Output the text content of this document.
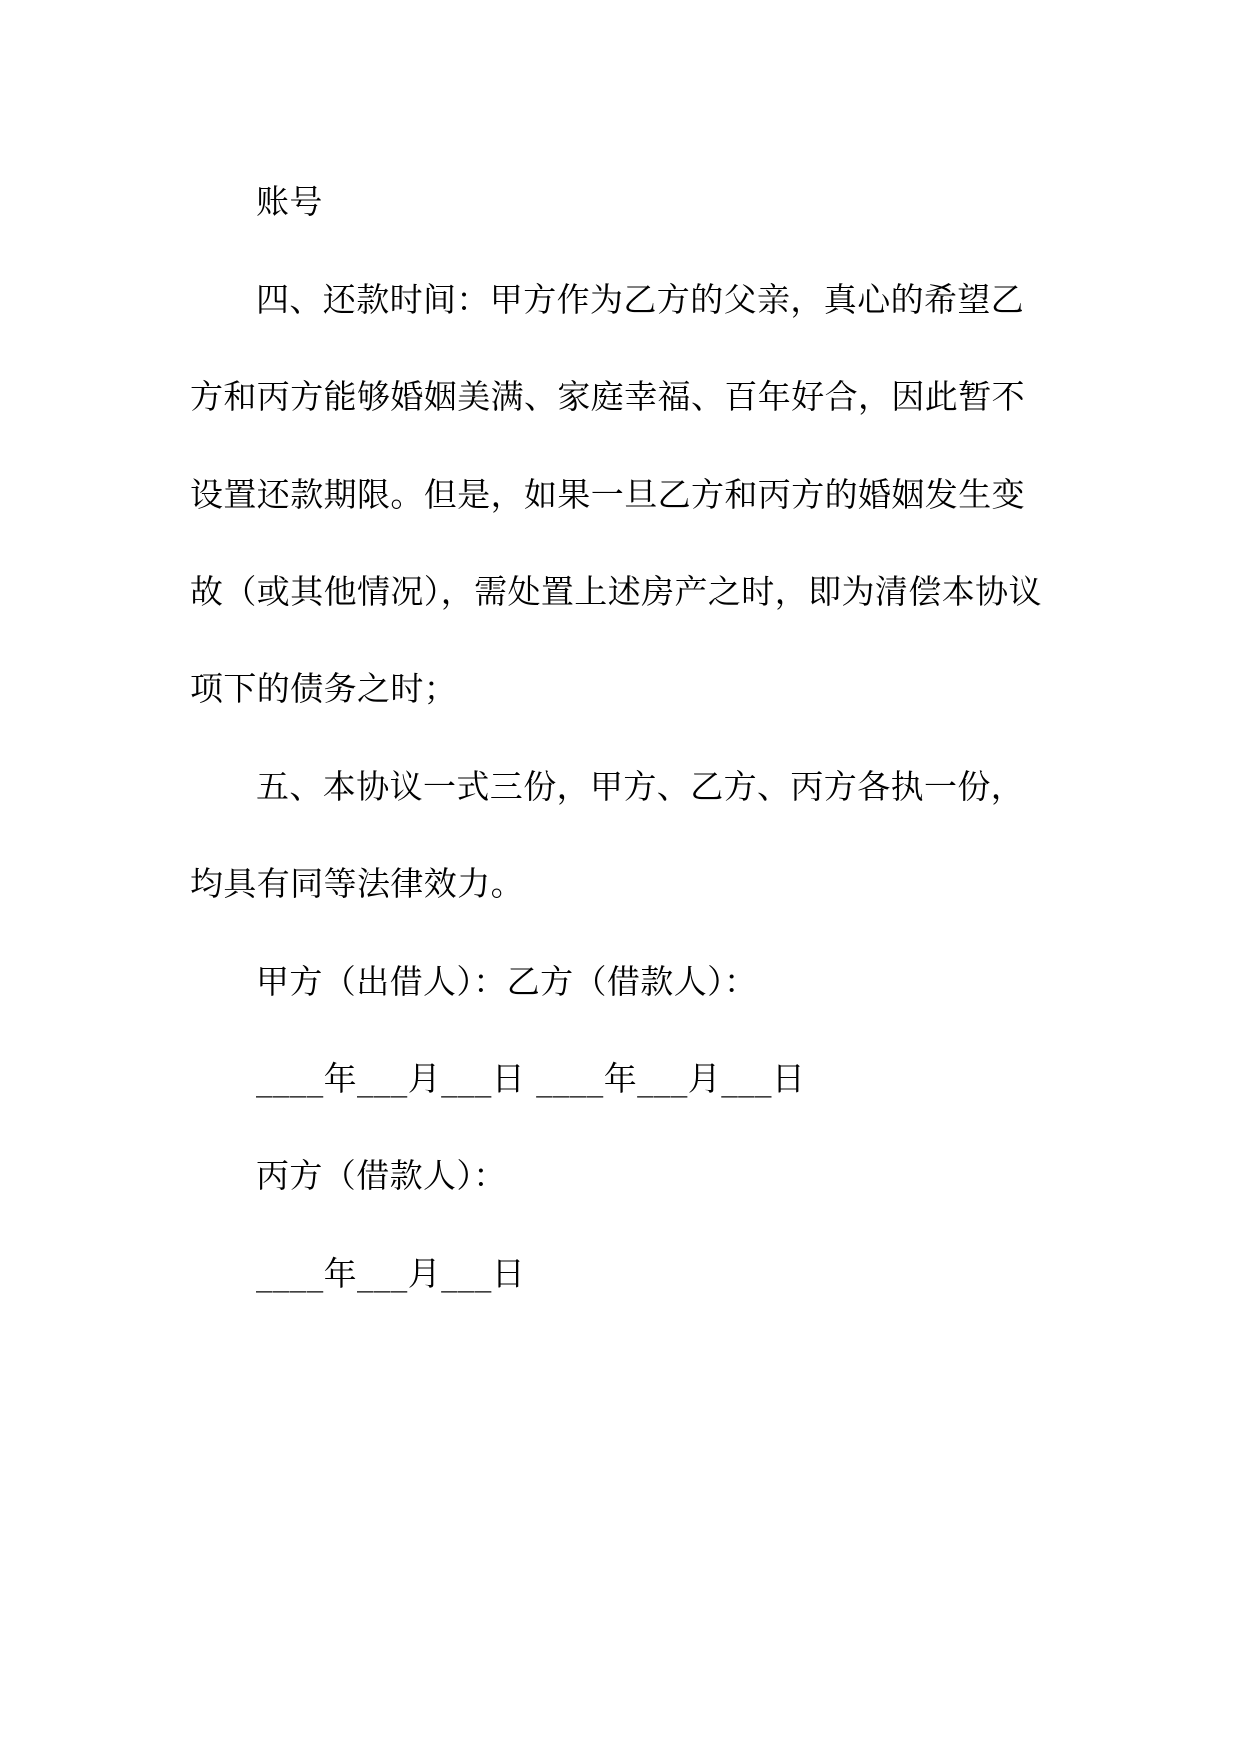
账号
四、还款时间：甲方作为乙方的父亲，真心的希望乙
方和丙方能够婚姻美满、家庭幸福、百年好合，因此暂不
设置还款期限。但是，如果一旦乙方和丙方的婚姻发生变
故（或其他情况），需处置上述房产之时，即为清偿本协议
项下的债务之时；
五、本协议一式三份，甲方、乙方、丙方各执一份，
均具有同等法律效力。
甲方（出借人）：乙方（借款人）：
____年___月___日 ____年___月___日
丙方（借款人）：
____年___月___日
